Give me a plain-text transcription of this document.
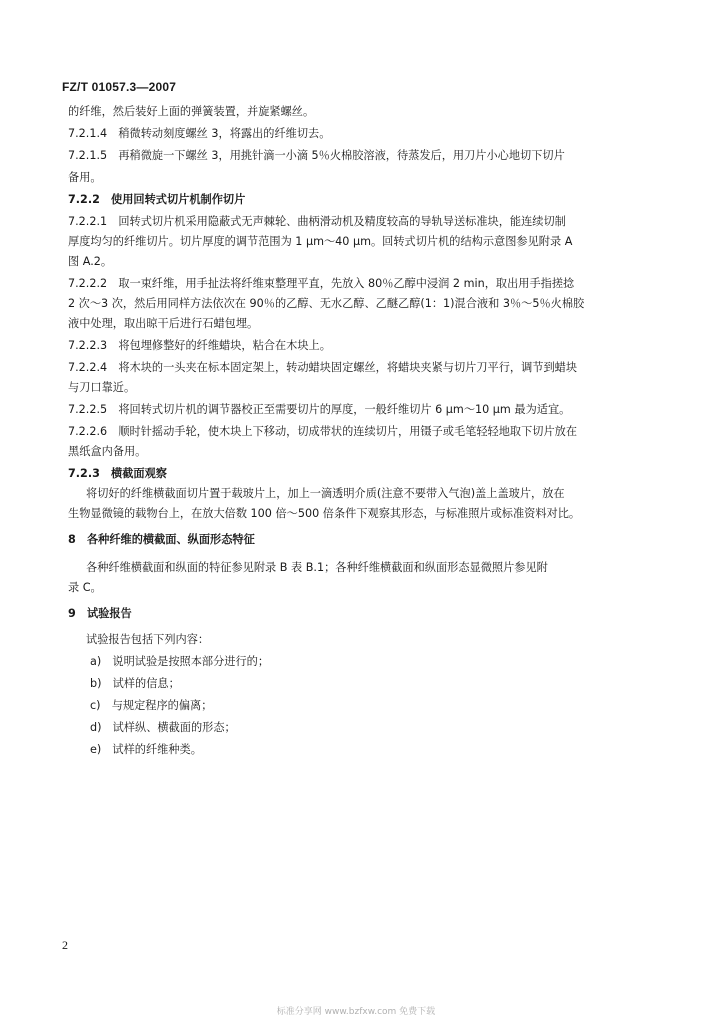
FZ/T 01057.3—2007
的纤维，然后装好上面的弹簧装置，并旋紧螺丝。
7.2.1.4　稍微转动刻度螺丝 3，将露出的纤维切去。
7.2.1.5　再稍微旋一下螺丝 3，用挑针滴一小滴 5％火棉胶溶液，待蒸发后，用刀片小心地切下切片
备用。
7.2.2　使用回转式切片机制作切片
7.2.2.1　回转式切片机采用隐蔽式无声棘轮、曲柄滑动机及精度较高的导轨导送标准块，能连续切制
厚度均匀的纤维切片。切片厚度的调节范围为 1 μm～40 μm。回转式切片机的结构示意图参见附录 A
图 A.2。
7.2.2.2　取一束纤维，用手扯法将纤维束整理平直，先放入 80％乙醇中浸润 2 min，取出用手指搓捻
2 次～3 次，然后用同样方法依次在 90％的乙醇、无水乙醇、乙醚乙醇(1：1)混合液和 3％～5％火棉胶
液中处理，取出晾干后进行石蜡包埋。
7.2.2.3　将包埋修整好的纤维蜡块，粘合在木块上。
7.2.2.4　将木块的一头夹在标本固定架上，转动蜡块固定螺丝，将蜡块夹紧与切片刀平行，调节到蜡块
与刀口靠近。
7.2.2.5　将回转式切片机的调节器校正至需要切片的厚度，一般纤维切片 6 μm～10 μm 最为适宜。
7.2.2.6　顺时针摇动手轮，使木块上下移动，切成带状的连续切片，用镊子或毛笔轻轻地取下切片放在
黑纸盒内备用。
7.2.3　横截面观察
将切好的纤维横截面切片置于载玻片上，加上一滴透明介质(注意不要带入气泡)盖上盖玻片，放在
生物显微镜的载物台上，在放大倍数 100 倍～500 倍条件下观察其形态，与标准照片或标准资料对比。
8　各种纤维的横截面、纵面形态特征
各种纤维横截面和纵面的特征参见附录 B 表 B.1；各种纤维横截面和纵面形态显微照片参见附
录 C。
9　试验报告
试验报告包括下列内容：
a)　说明试验是按照本部分进行的；
b)　试样的信息；
c)　与规定程序的偏离；
d)　试样纵、横截面的形态；
e)　试样的纤维种类。
2
标准分享网 www.bzfxw.com 免费下载
